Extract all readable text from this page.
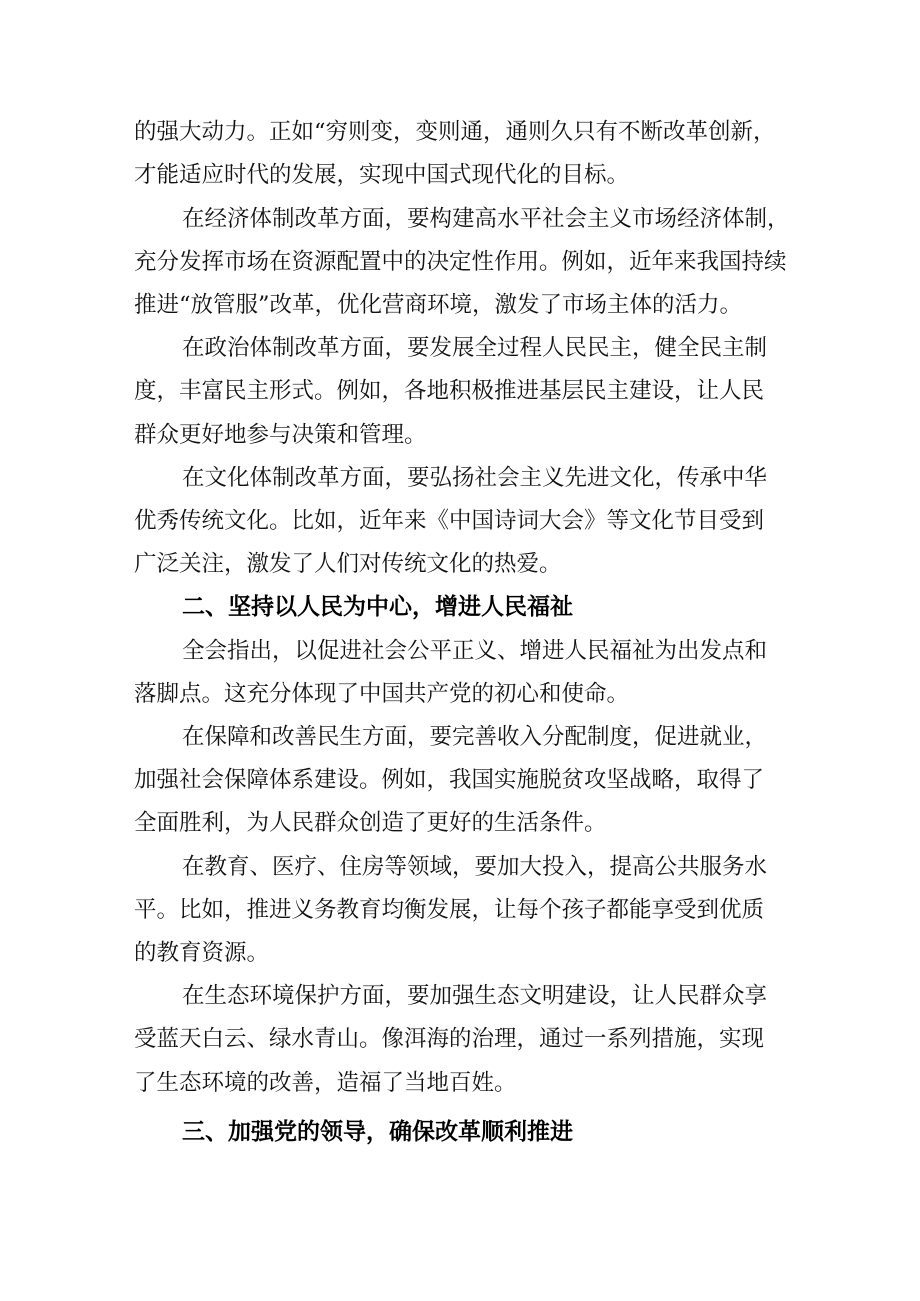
的强大动力。正如“穷则变，变则通，通则久只有不断改革创新，

才能适应时代的发展，实现中国式现代化的目标。

在经济体制改革方面，要构建高水平社会主义市场经济体制，

充分发挥市场在资源配置中的决定性作用。例如，近年来我国持续

推进“放管服”改革，优化营商环境，激发了市场主体的活力。

在政治体制改革方面，要发展全过程人民民主，健全民主制

度，丰富民主形式。例如，各地积极推进基层民主建设，让人民

群众更好地参与决策和管理。

在文化体制改革方面，要弘扬社会主义先进文化，传承中华

优秀传统文化。比如，近年来《中国诗词大会》等文化节目受到

广泛关注，激发了人们对传统文化的热爱。

二、坚持以人民为中心，增进人民福祉

全会指出，以促进社会公平正义、增进人民福祉为出发点和

落脚点。这充分体现了中国共产党的初心和使命。

在保障和改善民生方面，要完善收入分配制度，促进就业，

加强社会保障体系建设。例如，我国实施脱贫攻坚战略，取得了

全面胜利，为人民群众创造了更好的生活条件。

在教育、医疗、住房等领域，要加大投入，提高公共服务水

平。比如，推进义务教育均衡发展，让每个孩子都能享受到优质

的教育资源。

在生态环境保护方面，要加强生态文明建设，让人民群众享

受蓝天白云、绿水青山。像洱海的治理，通过一系列措施，实现

了生态环境的改善，造福了当地百姓。

三、加强党的领导，确保改革顺利推进
